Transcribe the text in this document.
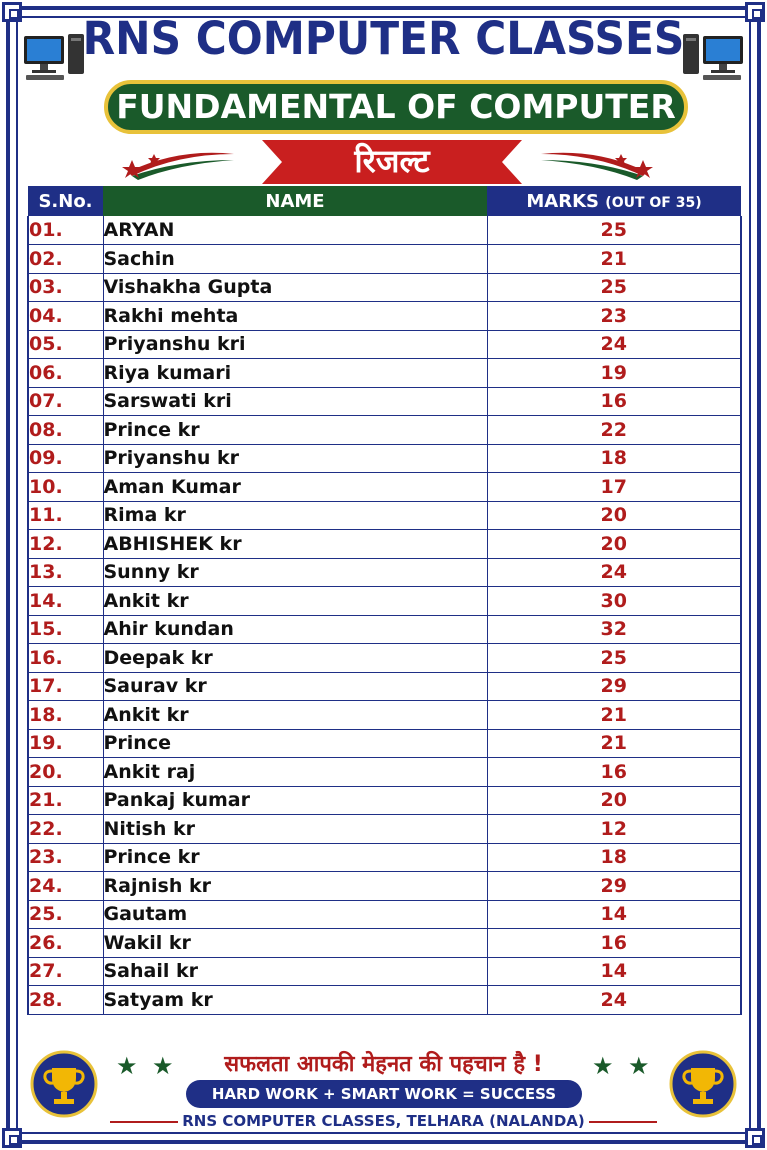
RNS COMPUTER CLASSES
FUNDAMENTAL OF COMPUTER
रिजल्ट
S.No.	NAME	MARKS (OUT OF 35)
01.	ARYAN	25
02.	Sachin	21
03.	Vishakha Gupta	25
04.	Rakhi mehta	23
05.	Priyanshu kri	24
06.	Riya kumari	19
07.	Sarswati kri	16
08.	Prince kr	22
09.	Priyanshu kr	18
10.	Aman Kumar	17
11.	Rima kr	20
12.	ABHISHEK kr	20
13.	Sunny kr	24
14.	Ankit kr	30
15.	Ahir kundan	32
16.	Deepak kr	25
17.	Saurav kr	29
18.	Ankit kr	21
19.	Prince	21
20.	Ankit raj	16
21.	Pankaj kumar	20
22.	Nitish kr	12
23.	Prince kr	18
24.	Rajnish kr	29
25.	Gautam	14
26.	Wakil kr	16
27.	Sahail kr	14
28.	Satyam kr	24
★ ★	★ ★
सफलता आपकी मेहनत की पहचान है !
HARD WORK + SMART WORK = SUCCESS
RNS COMPUTER CLASSES, TELHARA (NALANDA)
